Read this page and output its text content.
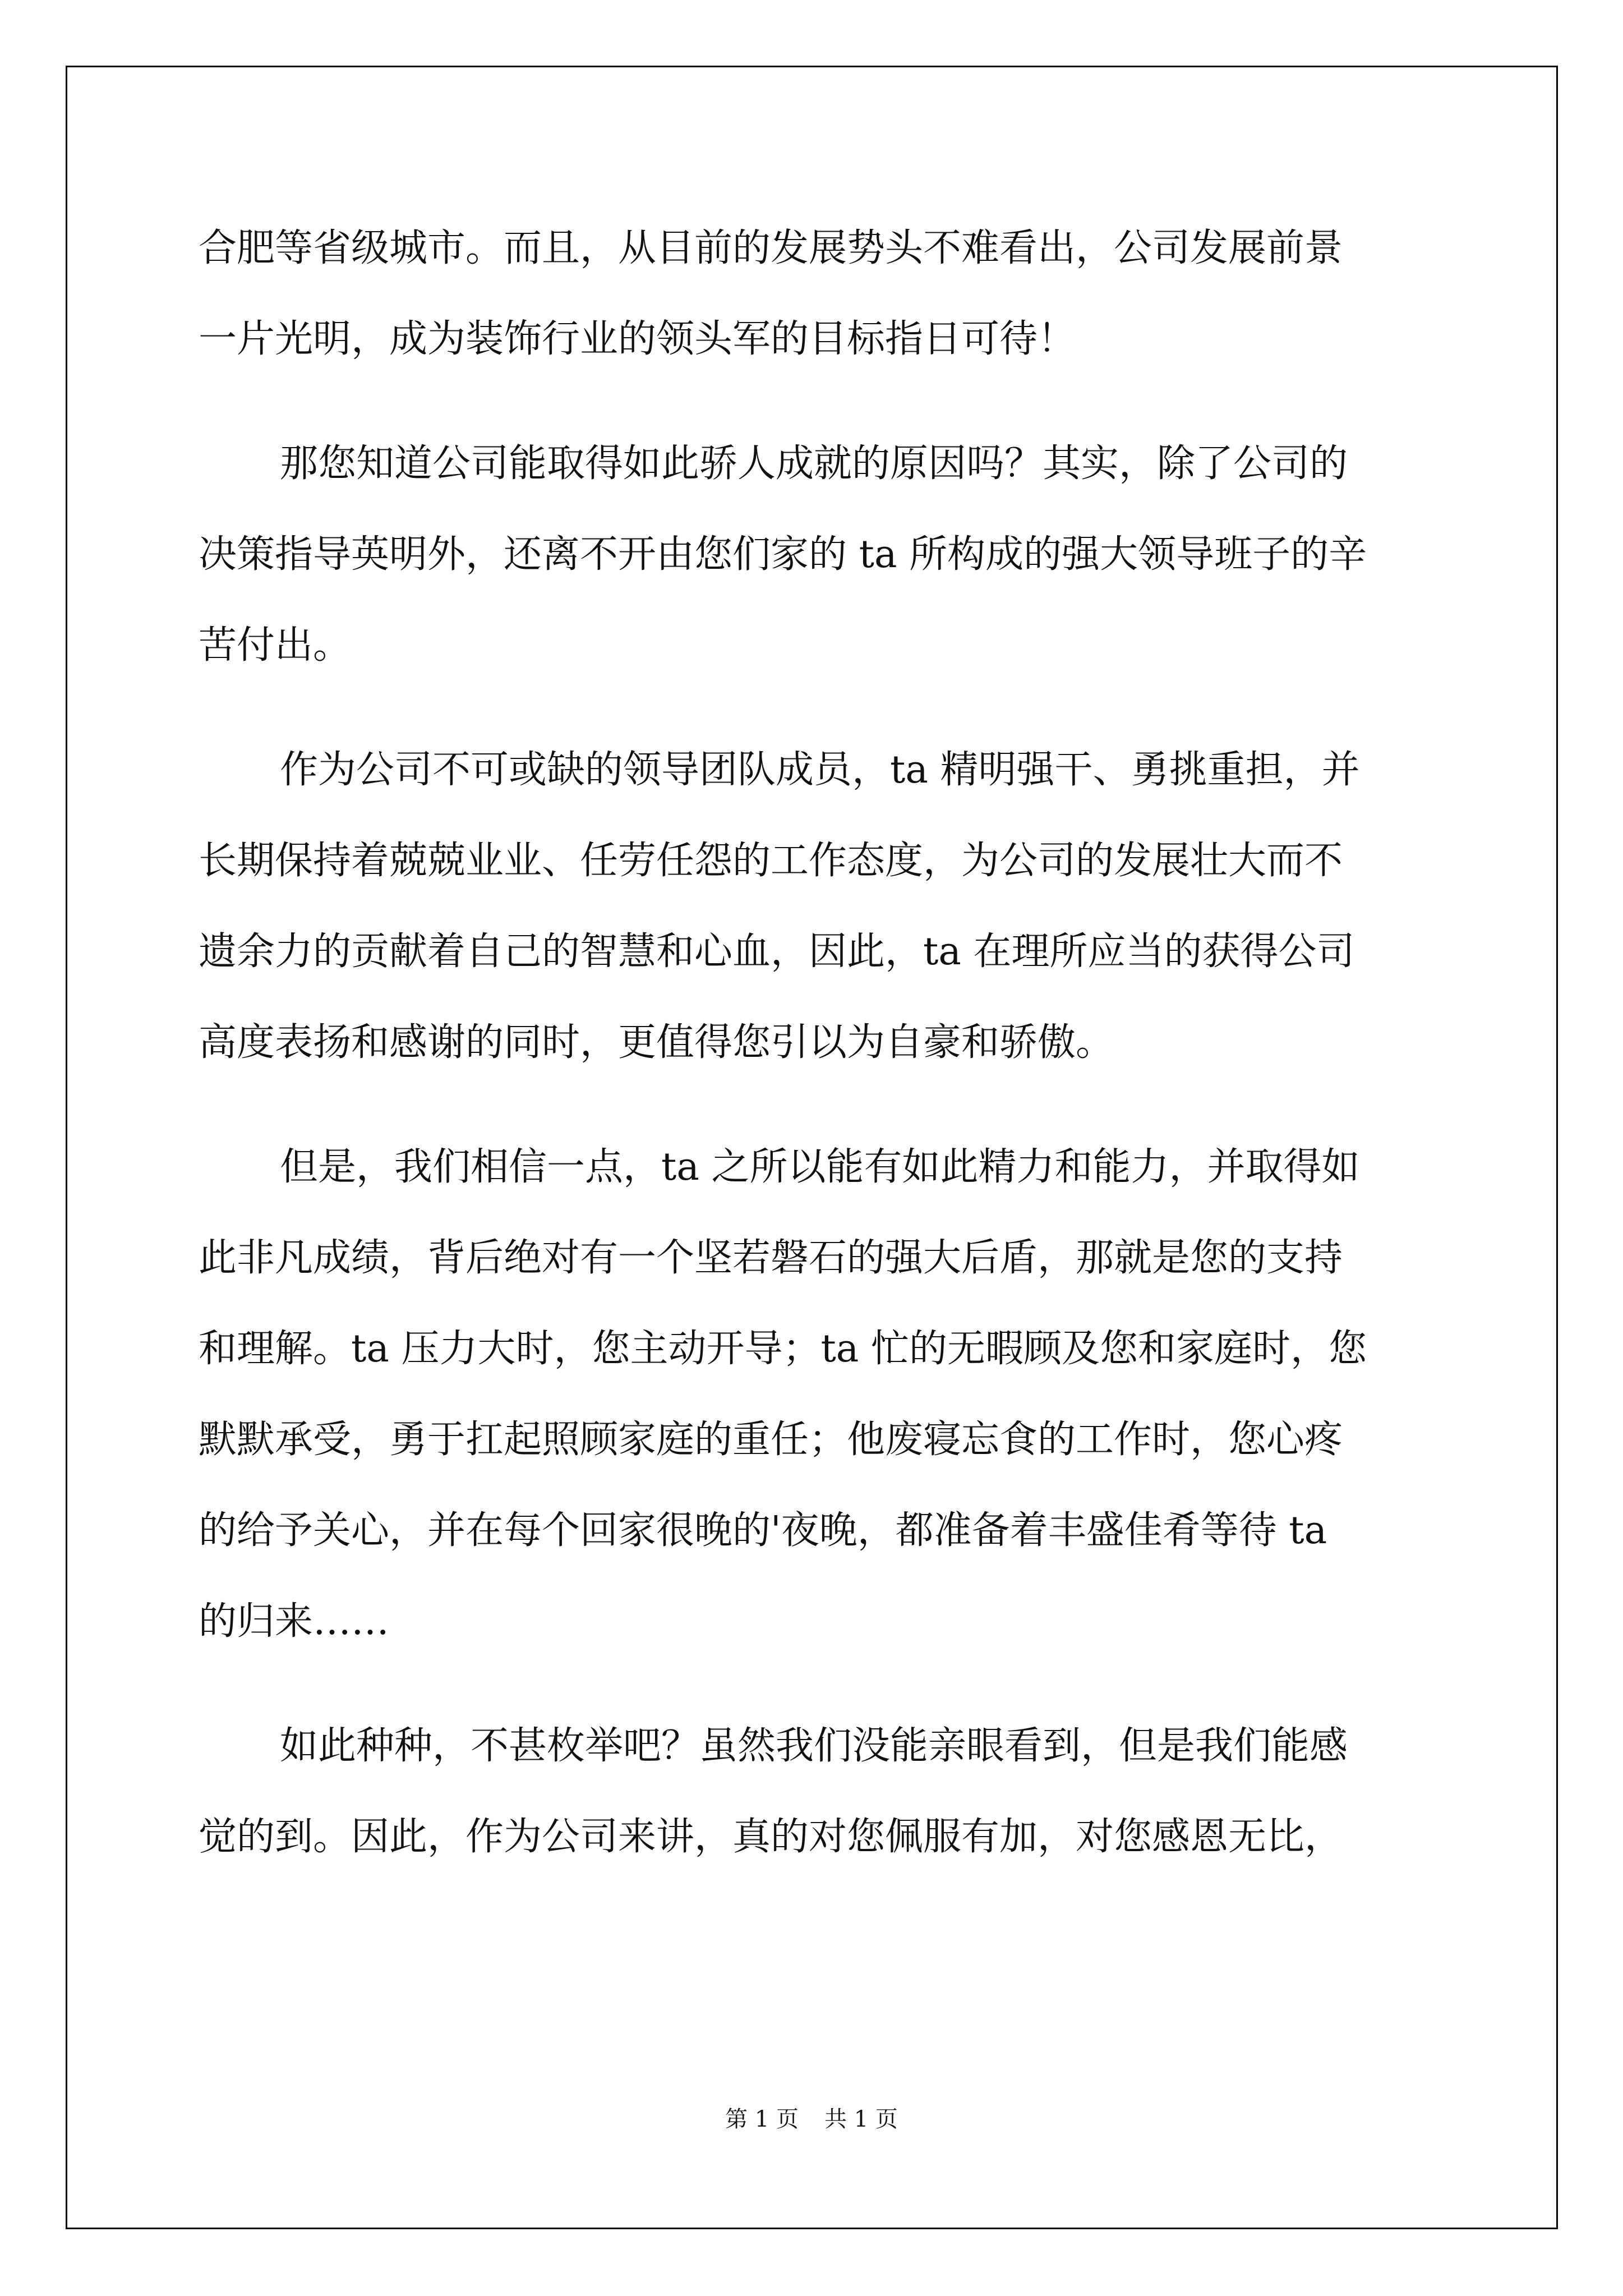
合肥等省级城市。而且，从目前的发展势头不难看出，公司发展前景
一片光明，成为装饰行业的领头军的目标指日可待！
那您知道公司能取得如此骄人成就的原因吗？其实，除了公司的
决策指导英明外，还离不开由您们家的 ta 所构成的强大领导班子的辛
苦付出。
作为公司不可或缺的领导团队成员，ta 精明强干、勇挑重担，并
长期保持着兢兢业业、任劳任怨的工作态度，为公司的发展壮大而不
遗余力的贡献着自己的智慧和心血，因此，ta 在理所应当的获得公司
高度表扬和感谢的同时，更值得您引以为自豪和骄傲。
但是，我们相信一点，ta 之所以能有如此精力和能力，并取得如
此非凡成绩，背后绝对有一个坚若磐石的强大后盾，那就是您的支持
和理解。ta 压力大时，您主动开导；ta 忙的无暇顾及您和家庭时，您
默默承受，勇于扛起照顾家庭的重任；他废寝忘食的工作时，您心疼
的给予关心，并在每个回家很晚的'夜晚，都准备着丰盛佳肴等待 ta
的归来……
如此种种，不甚枚举吧？虽然我们没能亲眼看到，但是我们能感
觉的到。因此，作为公司来讲，真的对您佩服有加，对您感恩无比，
第 1 页 共 1 页
